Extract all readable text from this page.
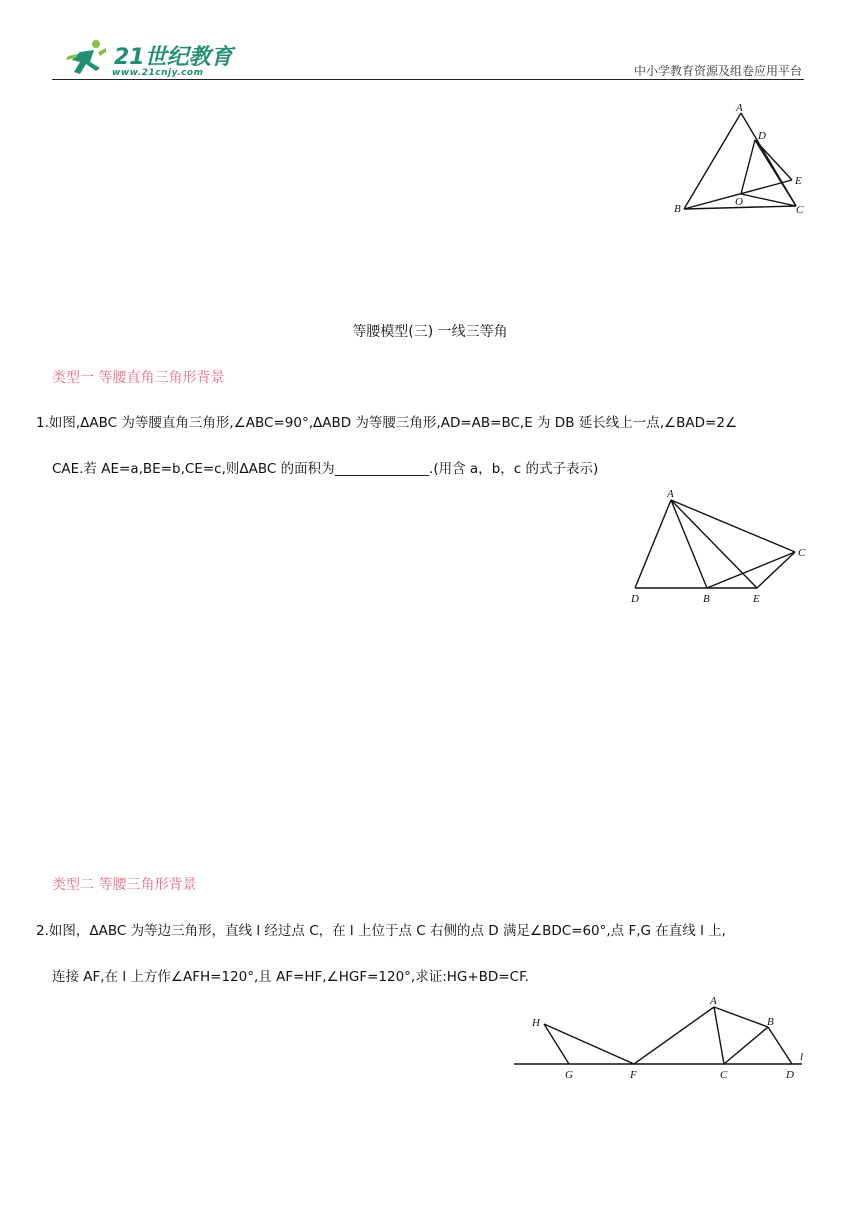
21世纪教育
www.21cnjy.com	中小学教育资源及组卷应用平台
A
D
E
O
B	C
等腰模型(三) 一线三等角
类型一 等腰直角三角形背景
1.如图,ΔABC 为等腰直角三角形,∠ABC=90°,ΔABD 为等腰三角形,AD=AB=BC,E 为 DB 延长线上一点,∠BAD=2∠
CAE.若 AE=a,BE=b,CE=c,则ΔABC 的面积为______________.(用含 a，b，c 的式子表示)
A
C
D	B	E
类型二 等腰三角形背景
2.如图，ΔABC 为等边三角形，直线 l 经过点 C，在 l 上位于点 C 右侧的点 D 满足∠BDC=60°,点 F,G 在直线 l 上,
连接 AF,在 l 上方作∠AFH=120°,且 AF=HF,∠HGF=120°,求证:HG+BD=CF.
H
A
B
G	F	C	D
l
